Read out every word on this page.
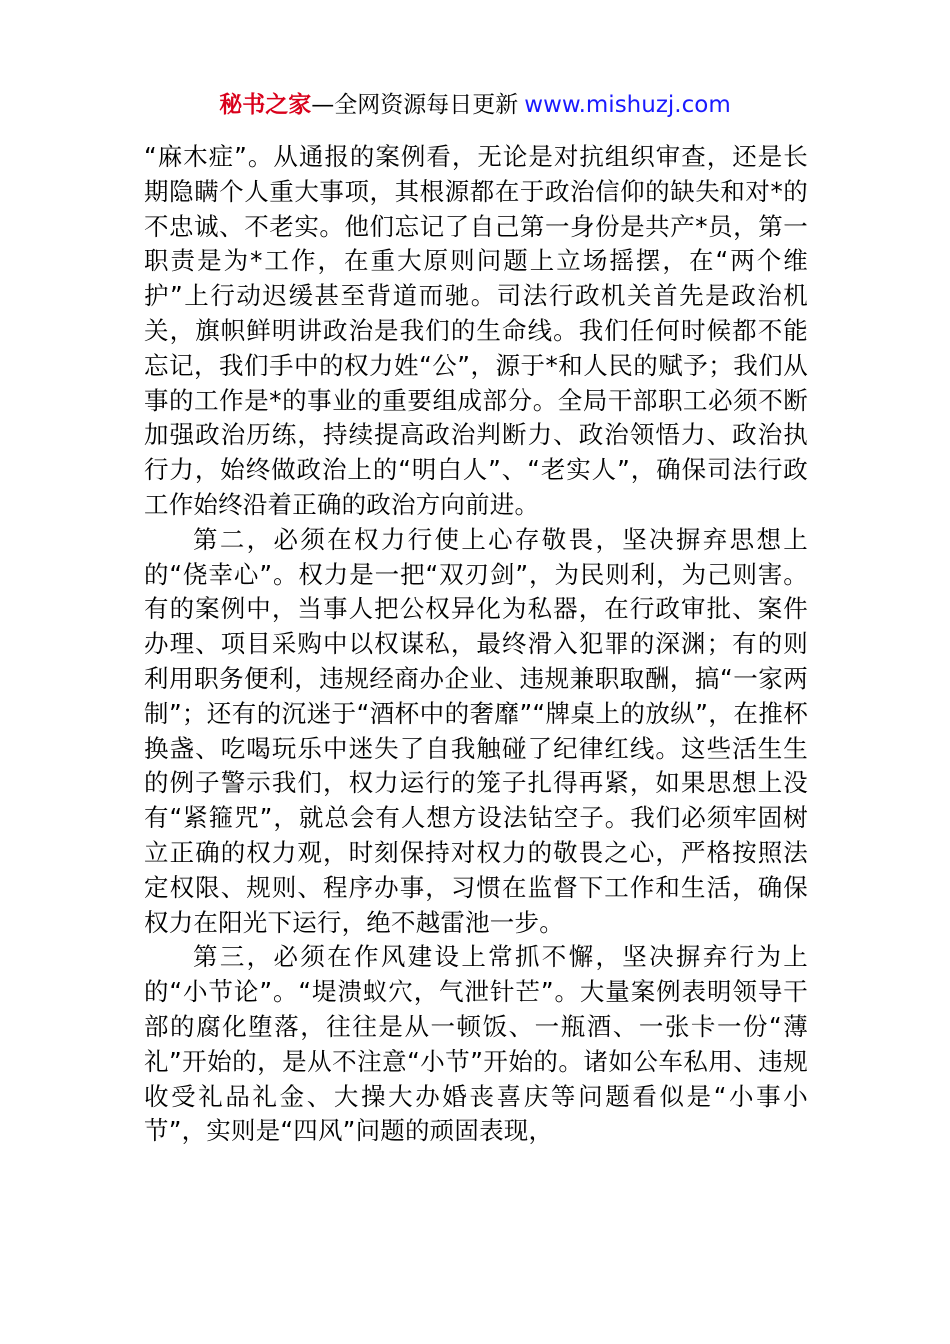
秘书之家—全网资源每日更新 www.mishuzj.com

“麻木症”。从通报的案例看，无论是对抗组织审查，还是长期隐瞒个人重大事项，其根源都在于政治信仰的缺失和对*的不忠诚、不老实。他们忘记了自己第一身份是共产*员，第一职责是为*工作，在重大原则问题上立场摇摆，在“两个维护”上行动迟缓甚至背道而驰。司法行政机关首先是政治机关，旗帜鲜明讲政治是我们的生命线。我们任何时候都不能忘记，我们手中的权力姓“公”，源于*和人民的赋予；我们从事的工作是*的事业的重要组成部分。全局干部职工必须不断加强政治历练，持续提高政治判断力、政治领悟力、政治执行力，始终做政治上的“明白人”、“老实人”，确保司法行政工作始终沿着正确的政治方向前进。

第二，必须在权力行使上心存敬畏，坚决摒弃思想上的“侥幸心”。权力是一把“双刃剑”，为民则利，为己则害。有的案例中，当事人把公权异化为私器，在行政审批、案件办理、项目采购中以权谋私，最终滑入犯罪的深渊；有的则利用职务便利，违规经商办企业、违规兼职取酬，搞“一家两制”；还有的沉迷于“酒杯中的奢靡”“牌桌上的放纵”，在推杯换盏、吃喝玩乐中迷失了自我触碰了纪律红线。这些活生生的例子警示我们，权力运行的笼子扎得再紧，如果思想上没有“紧箍咒”，就总会有人想方设法钻空子。我们必须牢固树立正确的权力观，时刻保持对权力的敬畏之心，严格按照法定权限、规则、程序办事，习惯在监督下工作和生活，确保权力在阳光下运行，绝不越雷池一步。

第三，必须在作风建设上常抓不懈，坚决摒弃行为上的“小节论”。“堤溃蚁穴，气泄针芒”。大量案例表明领导干部的腐化堕落，往往是从一顿饭、一瓶酒、一张卡一份“薄礼”开始的，是从不注意“小节”开始的。诸如公车私用、违规收受礼品礼金、大操大办婚丧喜庆等问题看似是“小事小节”，实则是“四风”问题的顽固表现，
